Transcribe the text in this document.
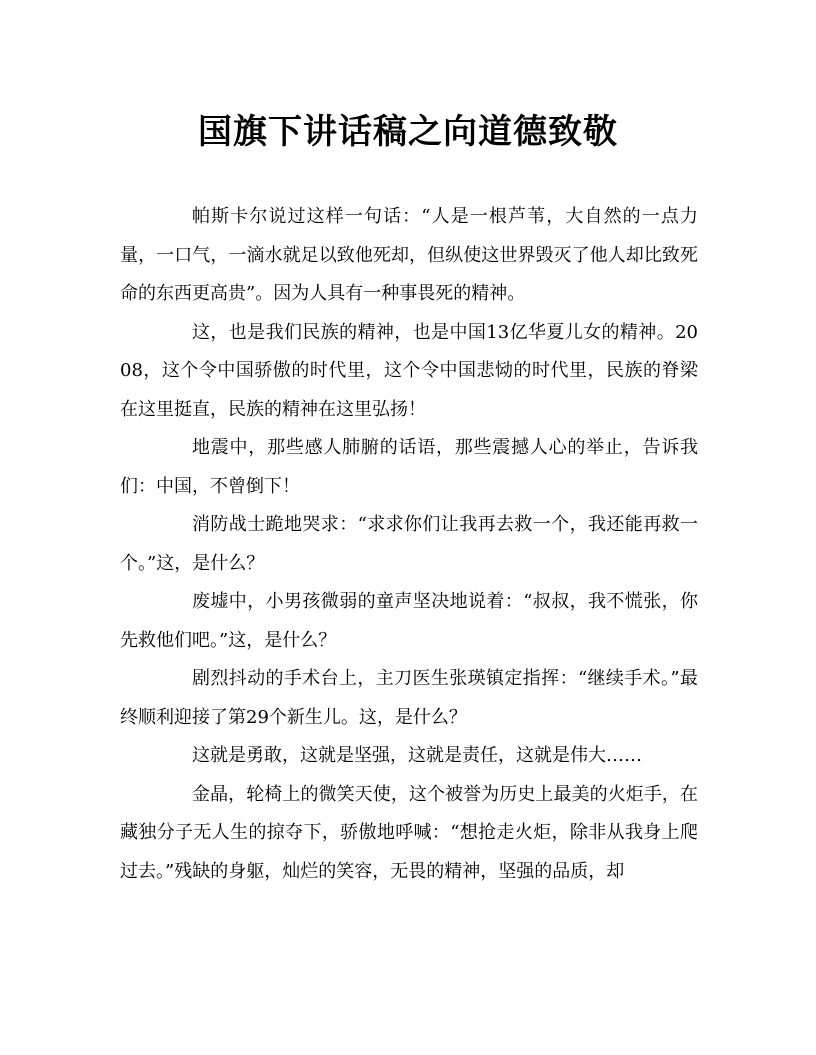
国旗下讲话稿之向道德致敬

帕斯卡尔说过这样一句话：“人是一根芦苇，大自然的一点力量，一口气，一滴水就足以致他死却，但纵使这世界毁灭了他人却比致死命的东西更高贵”。因为人具有一种事畏死的精神。

这，也是我们民族的精神，也是中国13亿华夏儿女的精神。2008，这个令中国骄傲的时代里，这个令中国悲恸的时代里，民族的脊梁在这里挺直，民族的精神在这里弘扬！

地震中，那些感人肺腑的话语，那些震撼人心的举止，告诉我们：中国，不曾倒下！

消防战士跪地哭求：“求求你们让我再去救一个，我还能再救一个。”这，是什么？

废墟中，小男孩微弱的童声坚决地说着：“叔叔，我不慌张，你先救他们吧。”这，是什么？

剧烈抖动的手术台上，主刀医生张瑛镇定指挥：“继续手术。”最终顺利迎接了第29个新生儿。这，是什么？

这就是勇敢，这就是坚强，这就是责任，这就是伟大……

金晶，轮椅上的微笑天使，这个被誉为历史上最美的火炬手，在藏独分子无人生的掠夺下，骄傲地呼喊：“想抢走火炬，除非从我身上爬过去。”残缺的身躯，灿烂的笑容，无畏的精神，坚强的品质，却
